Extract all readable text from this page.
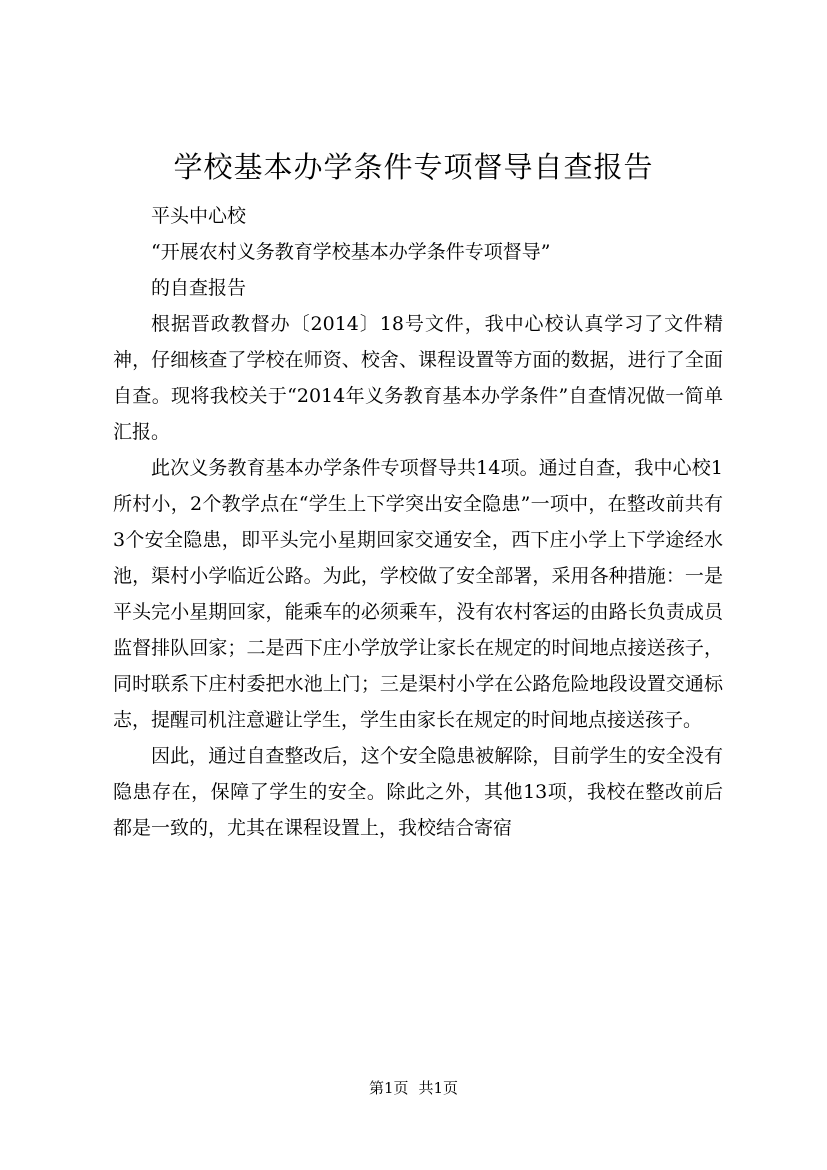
学校基本办学条件专项督导自查报告

平头中心校

“开展农村义务教育学校基本办学条件专项督导”

的自查报告

根据晋政教督办〔2014〕18号文件，我中心校认真学习了文件精神，仔细核查了学校在师资、校舍、课程设置等方面的数据，进行了全面自查。现将我校关于“2014年义务教育基本办学条件”自查情况做一简单汇报。

此次义务教育基本办学条件专项督导共14项。通过自查，我中心校1所村小，2个教学点在“学生上下学突出安全隐患”一项中，在整改前共有3个安全隐患，即平头完小星期回家交通安全，西下庄小学上下学途经水池，渠村小学临近公路。为此，学校做了安全部署，采用各种措施：一是平头完小星期回家，能乘车的必须乘车，没有农村客运的由路长负责成员监督排队回家；二是西下庄小学放学让家长在规定的时间地点接送孩子，同时联系下庄村委把水池上门；三是渠村小学在公路危险地段设置交通标志，提醒司机注意避让学生，学生由家长在规定的时间地点接送孩子。

因此，通过自查整改后，这个安全隐患被解除，目前学生的安全没有隐患存在，保障了学生的安全。除此之外，其他13项，我校在整改前后都是一致的，尤其在课程设置上，我校结合寄宿

第1页 共1页
